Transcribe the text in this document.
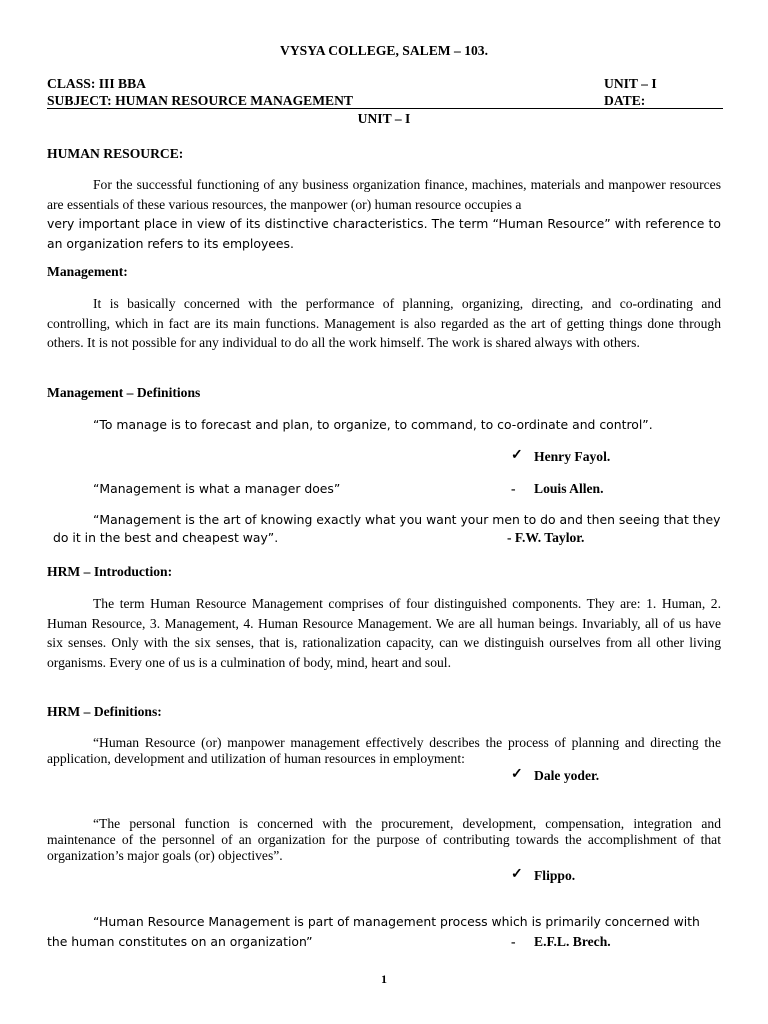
VYSYA COLLEGE, SALEM – 103.
CLASS: III BBA	UNIT – I
SUBJECT: HUMAN RESOURCE MANAGEMENT	DATE:
UNIT – I
HUMAN RESOURCE:
For the successful functioning of any business organization finance, machines, materials and manpower resources are essentials of these various resources, the manpower (or) human resource occupies a
very important place in view of its distinctive characteristics. The term “Human Resource” with reference to an organization refers to its employees.
Management:
It is basically concerned with the performance of planning, organizing, directing, and co-ordinating and controlling, which in fact are its main functions. Management is also regarded as the art of getting things done through others. It is not possible for any individual to do all the work himself. The work is shared always with others.
Management – Definitions
“To manage is to forecast and plan, to organize, to command, to co-ordinate and control”.
✓ Henry Fayol.
“Management is what a manager does”	- Louis Allen.
“Management is the art of knowing exactly what you want your men to do and then seeing that they
do it in the best and cheapest way”.	- F.W. Taylor.
HRM – Introduction:
The term Human Resource Management comprises of four distinguished components. They are: 1. Human, 2. Human Resource, 3. Management, 4. Human Resource Management. We are all human beings. Invariably, all of us have six senses. Only with the six senses, that is, rationalization capacity, can we distinguish ourselves from all other living organisms. Every one of us is a culmination of body, mind, heart and soul.
HRM – Definitions:
“Human Resource (or) manpower management effectively describes the process of planning and directing the application, development and utilization of human resources in employment:
✓ Dale yoder.
“The personal function is concerned with the procurement, development, compensation, integration and maintenance of the personnel of an organization for the purpose of contributing towards the accomplishment of that organization’s major goals (or) objectives”.
✓ Flippo.
“Human Resource Management is part of management process which is primarily concerned with
the human constitutes on an organization”	- E.F.L. Brech.
1
